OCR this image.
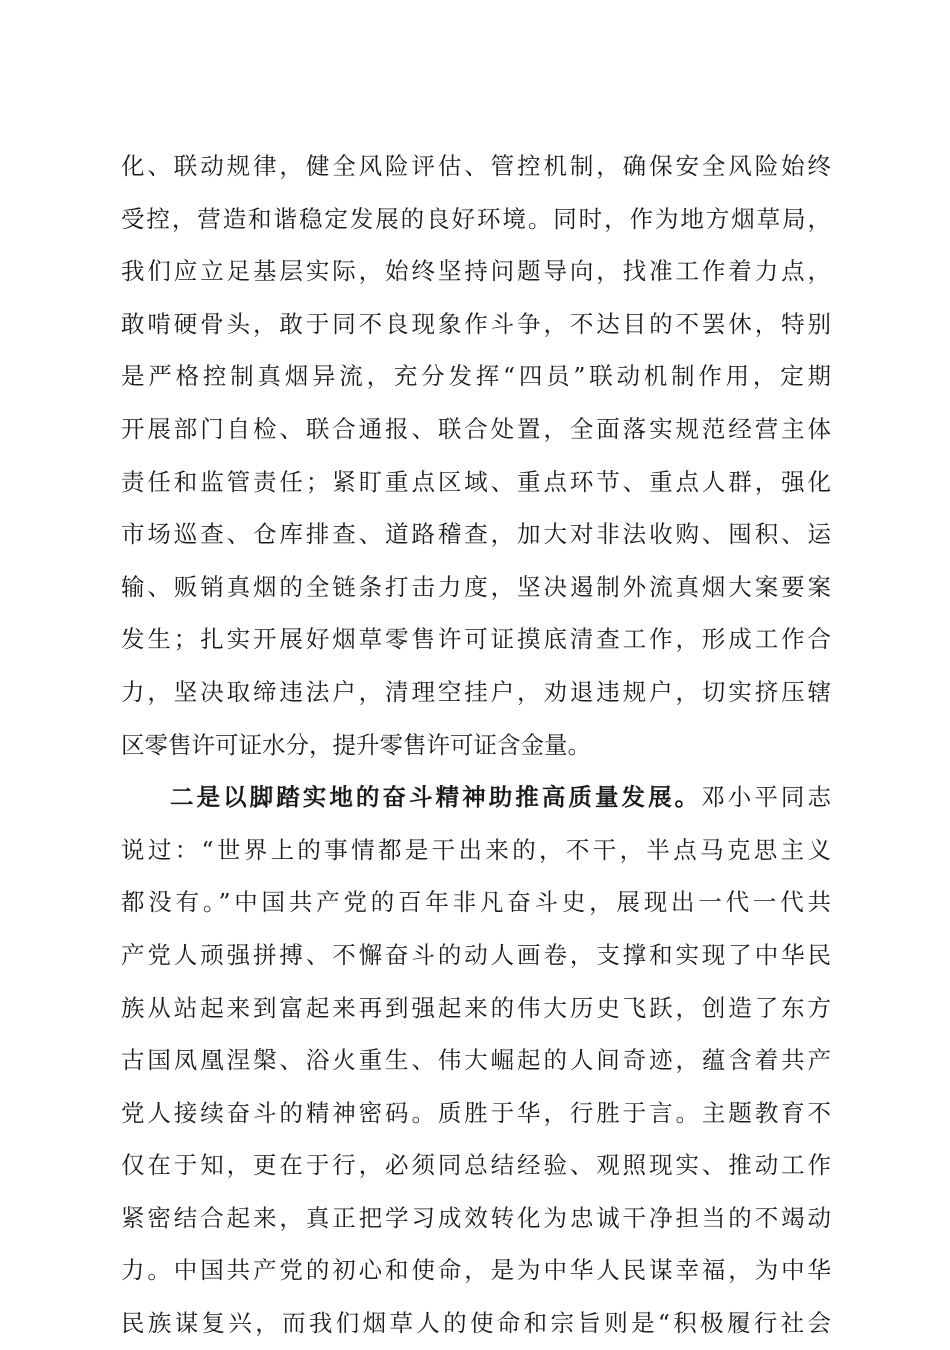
化、联动规律，健全风险评估、管控机制，确保安全风险始终
受控，营造和谐稳定发展的良好环境。同时，作为地方烟草局，
我们应立足基层实际，始终坚持问题导向，找准工作着力点，
敢啃硬骨头，敢于同不良现象作斗争，不达目的不罢休，特别
是严格控制真烟异流，充分发挥“四员”联动机制作用，定期
开展部门自检、联合通报、联合处置，全面落实规范经营主体
责任和监管责任；紧盯重点区域、重点环节、重点人群，强化
市场巡查、仓库排查、道路稽查，加大对非法收购、囤积、运
输、贩销真烟的全链条打击力度，坚决遏制外流真烟大案要案
发生；扎实开展好烟草零售许可证摸底清查工作，形成工作合
力，坚决取缔违法户，清理空挂户，劝退违规户，切实挤压辖
区零售许可证水分，提升零售许可证含金量。
二是以脚踏实地的奋斗精神助推高质量发展。邓小平同志
说过：“世界上的事情都是干出来的，不干，半点马克思主义
都没有。”中国共产党的百年非凡奋斗史，展现出一代一代共
产党人顽强拼搏、不懈奋斗的动人画卷，支撑和实现了中华民
族从站起来到富起来再到强起来的伟大历史飞跃，创造了东方
古国凤凰涅槃、浴火重生、伟大崛起的人间奇迹，蕴含着共产
党人接续奋斗的精神密码。质胜于华，行胜于言。主题教育不
仅在于知，更在于行，必须同总结经验、观照现实、推动工作
紧密结合起来，真正把学习成效转化为忠诚干净担当的不竭动
力。中国共产党的初心和使命，是为中华人民谋幸福，为中华
民族谋复兴，而我们烟草人的使命和宗旨则是“积极履行社会
